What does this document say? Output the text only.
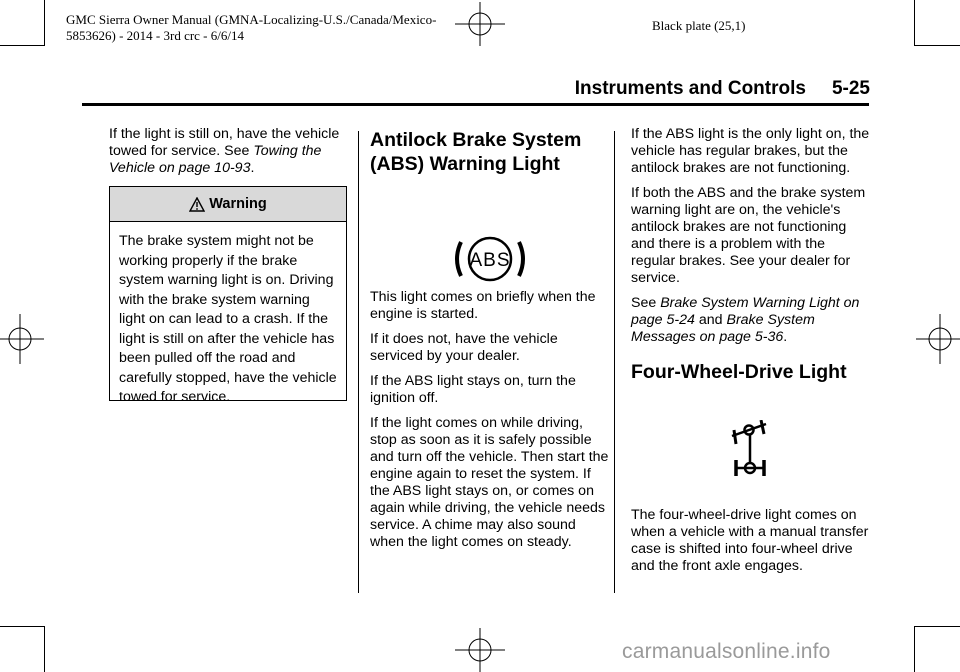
GMC Sierra Owner Manual (GMNA-Localizing-U.S./Canada/Mexico-
5853626) - 2014 - 3rd crc - 6/6/14
Black plate (25,1)
Instruments and Controls 5-25

If the light is still on, have the vehicle towed for service. See Towing the Vehicle on page 10-93.

Warning
The brake system might not be working properly if the brake system warning light is on. Driving with the brake system warning light on can lead to a crash. If the light is still on after the vehicle has been pulled off the road and carefully stopped, have the vehicle towed for service.
Antilock Brake System (ABS) Warning Light
ABS

This light comes on briefly when the engine is started.

If it does not, have the vehicle serviced by your dealer.

If the ABS light stays on, turn the ignition off.

If the light comes on while driving, stop as soon as it is safely possible and turn off the vehicle. Then start the engine again to reset the system. If the ABS light stays on, or comes on again while driving, the vehicle needs service. A chime may also sound when the light comes on steady.

If the ABS light is the only light on, the vehicle has regular brakes, but the antilock brakes are not functioning.

If both the ABS and the brake system warning light are on, the vehicle's antilock brakes are not functioning and there is a problem with the regular brakes. See your dealer for service.

See Brake System Warning Light on page 5-24 and Brake System Messages on page 5-36.

Four-Wheel-Drive Light

The four-wheel-drive light comes on when a vehicle with a manual transfer case is shifted into four-wheel drive and the front axle engages.

carmanualsonline.info
